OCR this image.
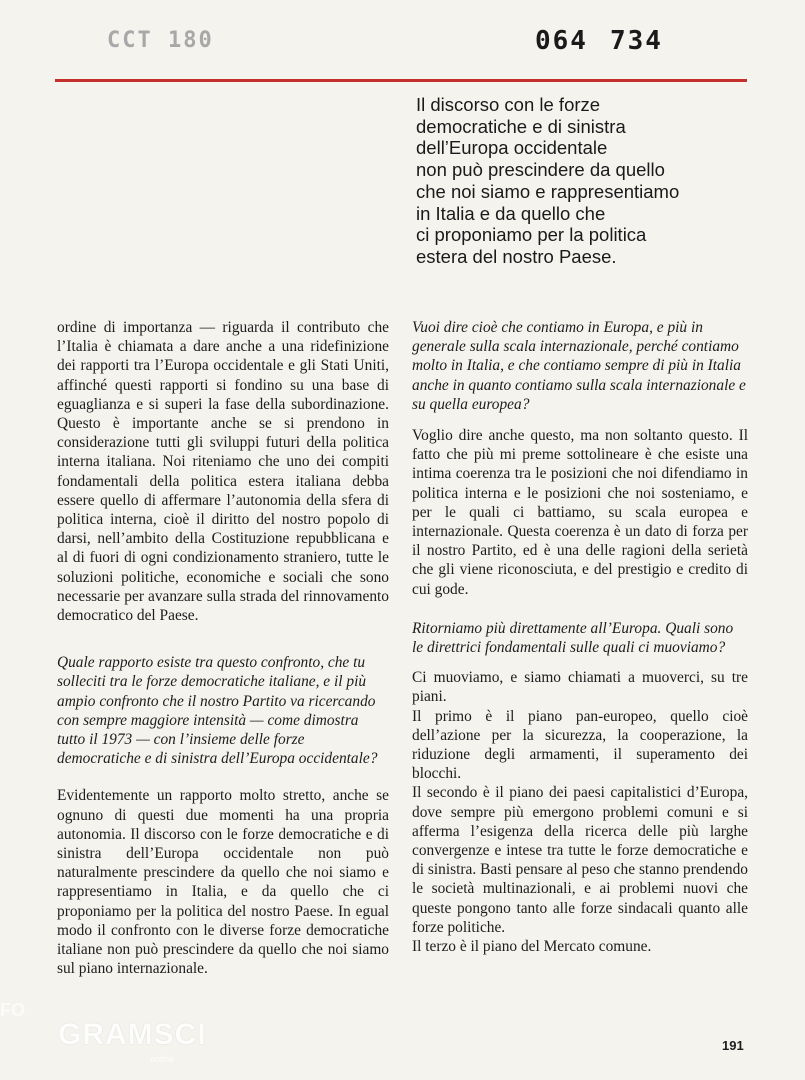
CCT 180	064 734
Il discorso con le forze
democratiche e di sinistra
dell’Europa occidentale
non può prescindere da quello
che noi siamo e rappresentiamo
in Italia e da quello che
ci proponiamo per la politica
estera del nostro Paese.

ordine di importanza — riguarda il contributo che l’Italia è chiamata a dare anche a una ridefinizione dei rapporti tra l’Europa occidentale e gli Stati Uniti, affinché questi rapporti si fondino su una base di eguaglianza e si superi la fase della subordinazione. Questo è importante anche se si prendono in considerazione tutti gli sviluppi futuri della politica interna italiana. Noi riteniamo che uno dei compiti fondamentali della politica estera italiana debba essere quello di affermare l’autonomia della sfera di politica interna, cioè il diritto del nostro popolo di darsi, nell’ambito della Costituzione repubblicana e al di fuori di ogni condizionamento straniero, tutte le soluzioni politiche, economiche e sociali che sono necessarie per avanzare sulla strada del rinnovamento democratico del Paese.

Quale rapporto esiste tra questo confronto, che tu solleciti tra le forze democratiche italiane, e il più ampio confronto che il nostro Partito va ricercando con sempre maggiore intensità — come dimostra tutto il 1973 — con l’insieme delle forze democratiche e di sinistra dell’Europa occidentale?

Evidentemente un rapporto molto stretto, anche se ognuno di questi due momenti ha una propria autonomia. Il discorso con le forze democratiche e di sinistra dell’Europa occidentale non può naturalmente prescindere da quello che noi siamo e rappresentiamo in Italia, e da quello che ci proponiamo per la politica del nostro Paese. In egual modo il confronto con le diverse forze democratiche italiane non può prescindere da quello che noi siamo sul piano internazionale.

Vuoi dire cioè che contiamo in Europa, e più in generale sulla scala internazionale, perché contiamo molto in Italia, e che contiamo sempre di più in Italia anche in quanto contiamo sulla scala internazionale e su quella europea?

Voglio dire anche questo, ma non soltanto questo. Il fatto che più mi preme sottolineare è che esiste una intima coerenza tra le posizioni che noi difendiamo in politica interna e le posizioni che noi sosteniamo, e per le quali ci battiamo, su scala europea e internazionale. Questa coerenza è un dato di forza per il nostro Partito, ed è una delle ragioni della serietà che gli viene riconosciuta, e del prestigio e credito di cui gode.

Ritorniamo più direttamente all’Europa. Quali sono le direttrici fondamentali sulle quali ci muoviamo?

Ci muoviamo, e siamo chiamati a muoverci, su tre piani.

Il primo è il piano pan-europeo, quello cioè dell’azione per la sicurezza, la cooperazione, la riduzione degli armamenti, il superamento dei blocchi.

Il secondo è il piano dei paesi capitalistici d’Europa, dove sempre più emergono problemi comuni e si afferma l’esigenza della ricerca delle più larghe convergenze e intese tra tutte le forze democratiche e di sinistra. Basti pensare al peso che stanno prendendo le società multinazionali, e ai problemi nuovi che queste pongono tanto alle forze sindacali quanto alle forze politiche.

Il terzo è il piano del Mercato comune.

FO
GRAMSCI
online
191
